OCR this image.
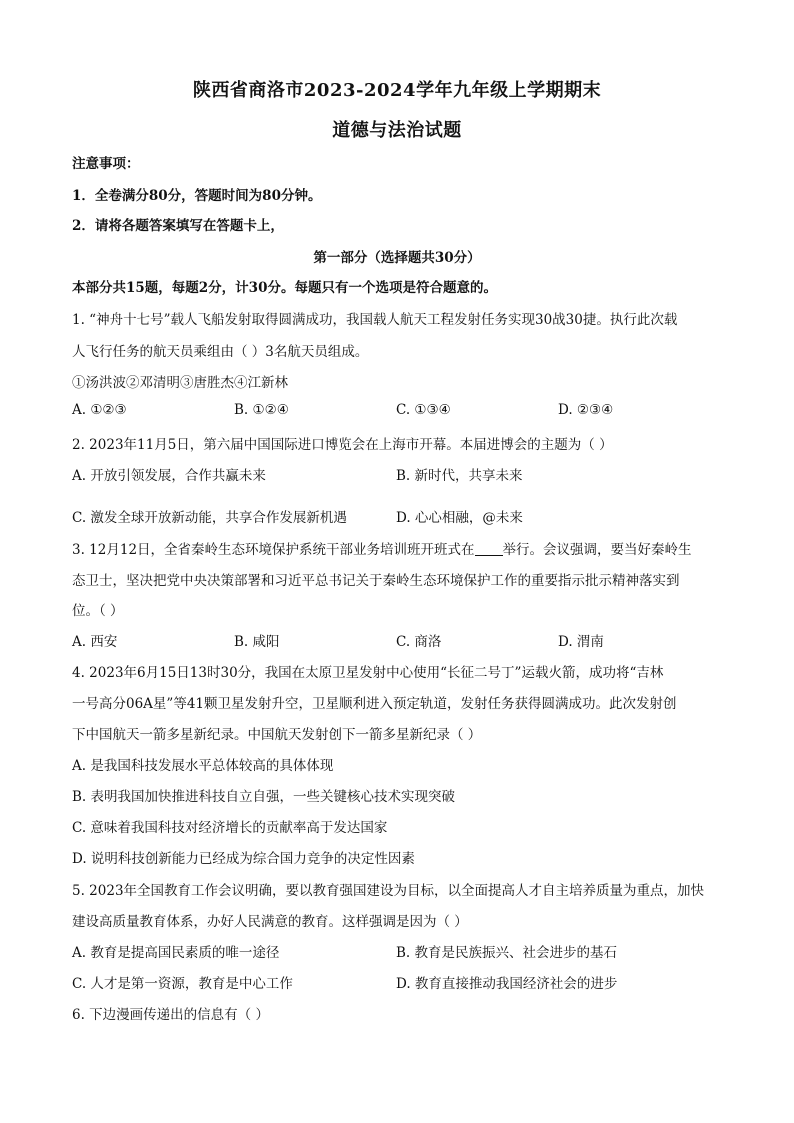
陕西省商洛市2023-2024学年九年级上学期期末
道德与法治试题
注意事项：
1．全卷满分80分，答题时间为80分钟。
2．请将各题答案填写在答题卡上，
第一部分（选择题共30分）
本部分共15题，每题2分，计30分。每题只有一个选项是符合题意的。
1. “神舟十七号”载人飞船发射取得圆满成功，我国载人航天工程发射任务实现30战30捷。执行此次载
人飞行任务的航天员乘组由（ ）3名航天员组成。
①汤洪波②邓清明③唐胜杰④江新林
A. ①②③	B. ①②④	C. ①③④	D. ②③④
2. 2023年11月5日，第六届中国国际进口博览会在上海市开幕。本届进博会的主题为（ ）
A. 开放引领发展，合作共赢未来	B. 新时代，共享未来
C. 激发全球开放新动能，共享合作发展新机遇	D. 心心相融，@未来
3. 12月12日，全省秦岭生态环境保护系统干部业务培训班开班式在 举行。会议强调，要当好秦岭生
态卫士，坚决把党中央决策部署和习近平总书记关于秦岭生态环境保护工作的重要指示批示精神落实到
位。（ ）
A. 西安	B. 咸阳	C. 商洛	D. 渭南
4. 2023年6月15日13时30分，我国在太原卫星发射中心使用“长征二号丁”运载火箭，成功将“吉林
一号高分06A星”等41颗卫星发射升空，卫星顺利进入预定轨道，发射任务获得圆满成功。此次发射创
下中国航天一箭多星新纪录。中国航天发射创下一箭多星新纪录（ ）
A. 是我国科技发展水平总体较高的具体体现
B. 表明我国加快推进科技自立自强，一些关键核心技术实现突破
C. 意味着我国科技对经济增长的贡献率高于发达国家
D. 说明科技创新能力已经成为综合国力竞争的决定性因素
5. 2023年全国教育工作会议明确，要以教育强国建设为目标，以全面提高人才自主培养质量为重点，加快
建设高质量教育体系，办好人民满意的教育。这样强调是因为（ ）
A. 教育是提高国民素质的唯一途径	B. 教育是民族振兴、社会进步的基石
C. 人才是第一资源，教育是中心工作	D. 教育直接推动我国经济社会的进步
6. 下边漫画传递出的信息有（ ）
